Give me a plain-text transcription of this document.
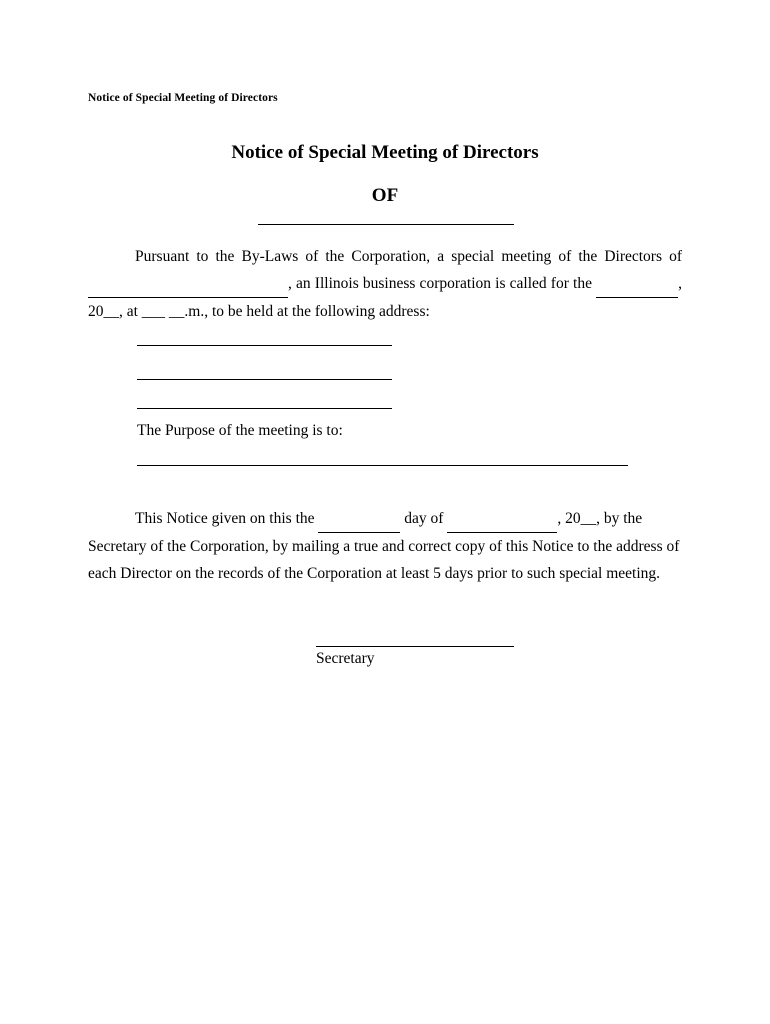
Notice of Special Meeting of Directors
Notice of Special Meeting of Directors
OF
Pursuant to the By-Laws of the Corporation, a special meeting of the Directors of  , an Illinois business corporation is called for the	, 20__, at ___ __.m., to be held at the following address:
The Purpose of the meeting is to:
This Notice given on this the	day of	, 20__, by the
Secretary of the Corporation, by mailing a true and correct copy of this Notice to the address of
each Director on the records of the Corporation at least 5 days prior to such special meeting.
Secretary
